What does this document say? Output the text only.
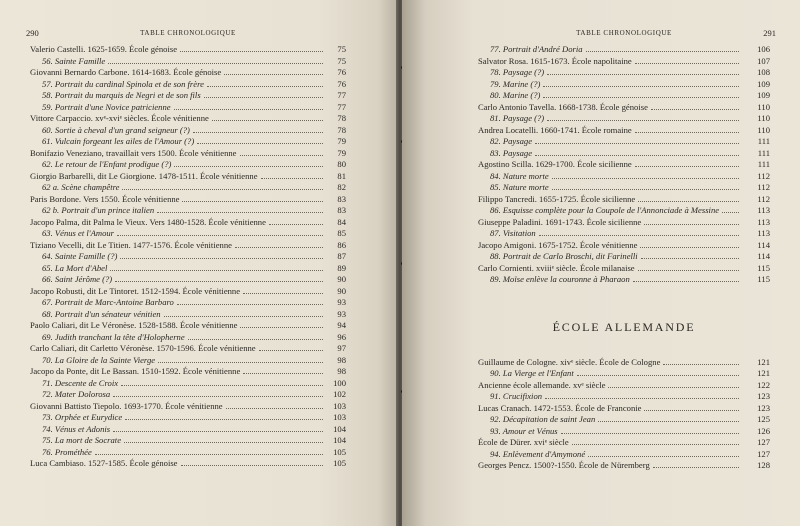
290	TABLE CHRONOLOGIQUE
Valerio Castelli. 1625-1659. École génoise	75
56. Sainte Famille	75
Giovanni Bernardo Carbone. 1614-1683. École génoise	76
57. Portrait du cardinal Spinola et de son frère	76
58. Portrait du marquis de Negri et de son fils	77
59. Portrait d'une Novice patricienne	77
Vittore Carpaccio. xvᵉ-xviᵉ siècles. École vénitienne	78
60. Sortie à cheval d'un grand seigneur (?)	78
61. Vulcain forgeant les ailes de l'Amour (?)	79
Bonifazio Veneziano, travaillait vers 1500. École vénitienne	79
62. Le retour de l'Enfant prodigue (?)	80
Giorgio Barbarelli, dit Le Giorgione. 1478-1511. École vénitienne	81
62 a. Scène champêtre	82
Paris Bordone. Vers 1550. École vénitienne	83
62 b. Portrait d'un prince italien	83
Jacopo Palma, dit Palma le Vieux. Vers 1480-1528. École vénitienne	84
63. Vénus et l'Amour	85
Tiziano Vecelli, dit Le Titien. 1477-1576. École vénitienne	86
64. Sainte Famille (?)	87
65. La Mort d'Abel	89
66. Saint Jérôme (?)	90
Jacopo Robusti, dit Le Tintoret. 1512-1594. École vénitienne	90
67. Portrait de Marc-Antoine Barbaro	93
68. Portrait d'un sénateur vénitien	93
Paolo Caliari, dit Le Véronèse. 1528-1588. École vénitienne	94
69. Judith tranchant la tête d'Holopherne	96
Carlo Caliari, dit Carletto Véronèse. 1570-1596. École vénitienne	97
70. La Gloire de la Sainte Vierge	98
Jacopo da Ponte, dit Le Bassan. 1510-1592. École vénitienne	98
71. Descente de Croix	100
72. Mater Dolorosa	102
Giovanni Battisto Tiepolo. 1693-1770. École vénitienne	103
73. Orphée et Eurydice	103
74. Vénus et Adonis	104
75. La mort de Socrate	104
76. Prométhée	105
Luca Cambiaso. 1527-1585. École génoise	105
TABLE CHRONOLOGIQUE	291
77. Portrait d'André Doria	106
Salvator Rosa. 1615-1673. École napolitaine	107
78. Paysage (?)	108
79. Marine (?)	109
80. Marine (?)	109
Carlo Antonio Tavella. 1668-1738. École génoise	110
81. Paysage (?)	110
Andrea Locatelli. 1660-1741. École romaine	110
82. Paysage	111
83. Paysage	111
Agostino Scilla. 1629-1700. École sicilienne	111
84. Nature morte	112
85. Nature morte	112
Filippo Tancredi. 1655-1725. École sicilienne	112
86. Esquisse complète pour la Coupole de l'Annonciade à Messine	113
Giuseppe Paladini. 1691-1743. École sicilienne	113
87. Visitation	113
Jacopo Amigoni. 1675-1752. École vénitienne	114
88. Portrait de Carlo Broschi, dit Farinelli	114
Carlo Cornienti. xviiiᵉ siècle. École milanaise	115
89. Moïse enlève la couronne à Pharaon	115
ÉCOLE ALLEMANDE
Guillaume de Cologne. xivᵉ siècle. École de Cologne	121
90. La Vierge et l'Enfant	121
Ancienne école allemande. xvᵉ siècle	122
91. Crucifixion	123
Lucas Cranach. 1472-1553. École de Franconie	123
92. Décapitation de saint Jean	125
93. Amour et Vénus	126
École de Dürer. xviᵉ siècle	127
94. Enlèvement d'Amymoné	127
Georges Pencz. 1500?-1550. École de Nüremberg	128
